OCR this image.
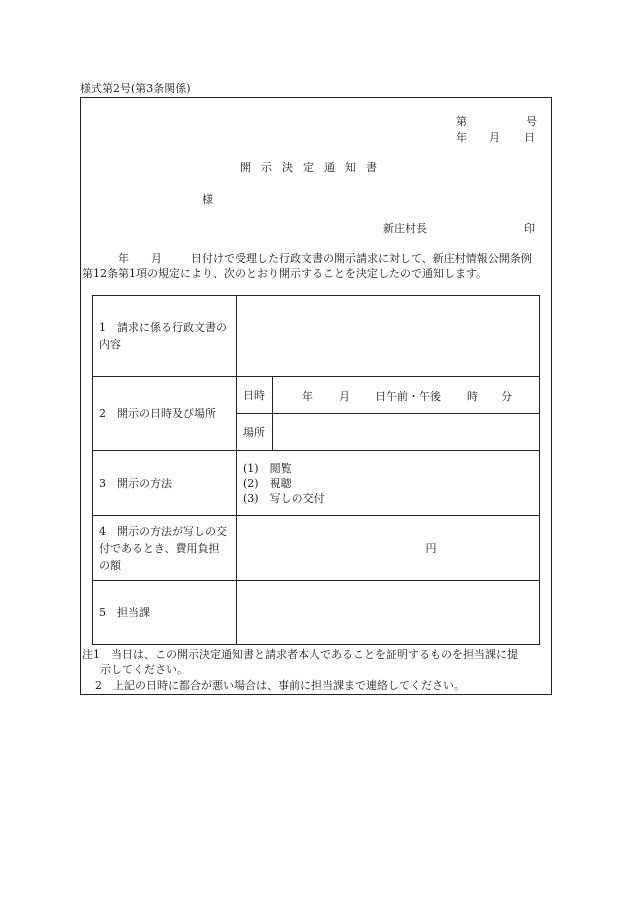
様式第2号(第3条関係)
第	号
年 月 日
開示決定通知書
様
新庄村長	印
年 月	日付けで受理した行政文書の開示請求に対して、新庄村情報公開条例
第12条第1項の規定により、次のとおり開示することを決定したので通知します。
1　請求に係る行政文書の
内容		

2　開示の日時及び場所	日時	年 月 日午前・午後 時 分

	場所	
3　開示の方法	(1)　閲覧
(2)　視聴
(3)　写しの交付	

4　開示の方法が写しの交
付であるとき、費用負担
の額	円	
5　担当課		
注1　当日は、この開示決定通知書と請求者本人であることを証明するものを担当課に提
示してください。
2　上記の日時に都合が悪い場合は、事前に担当課まで連絡してください。
